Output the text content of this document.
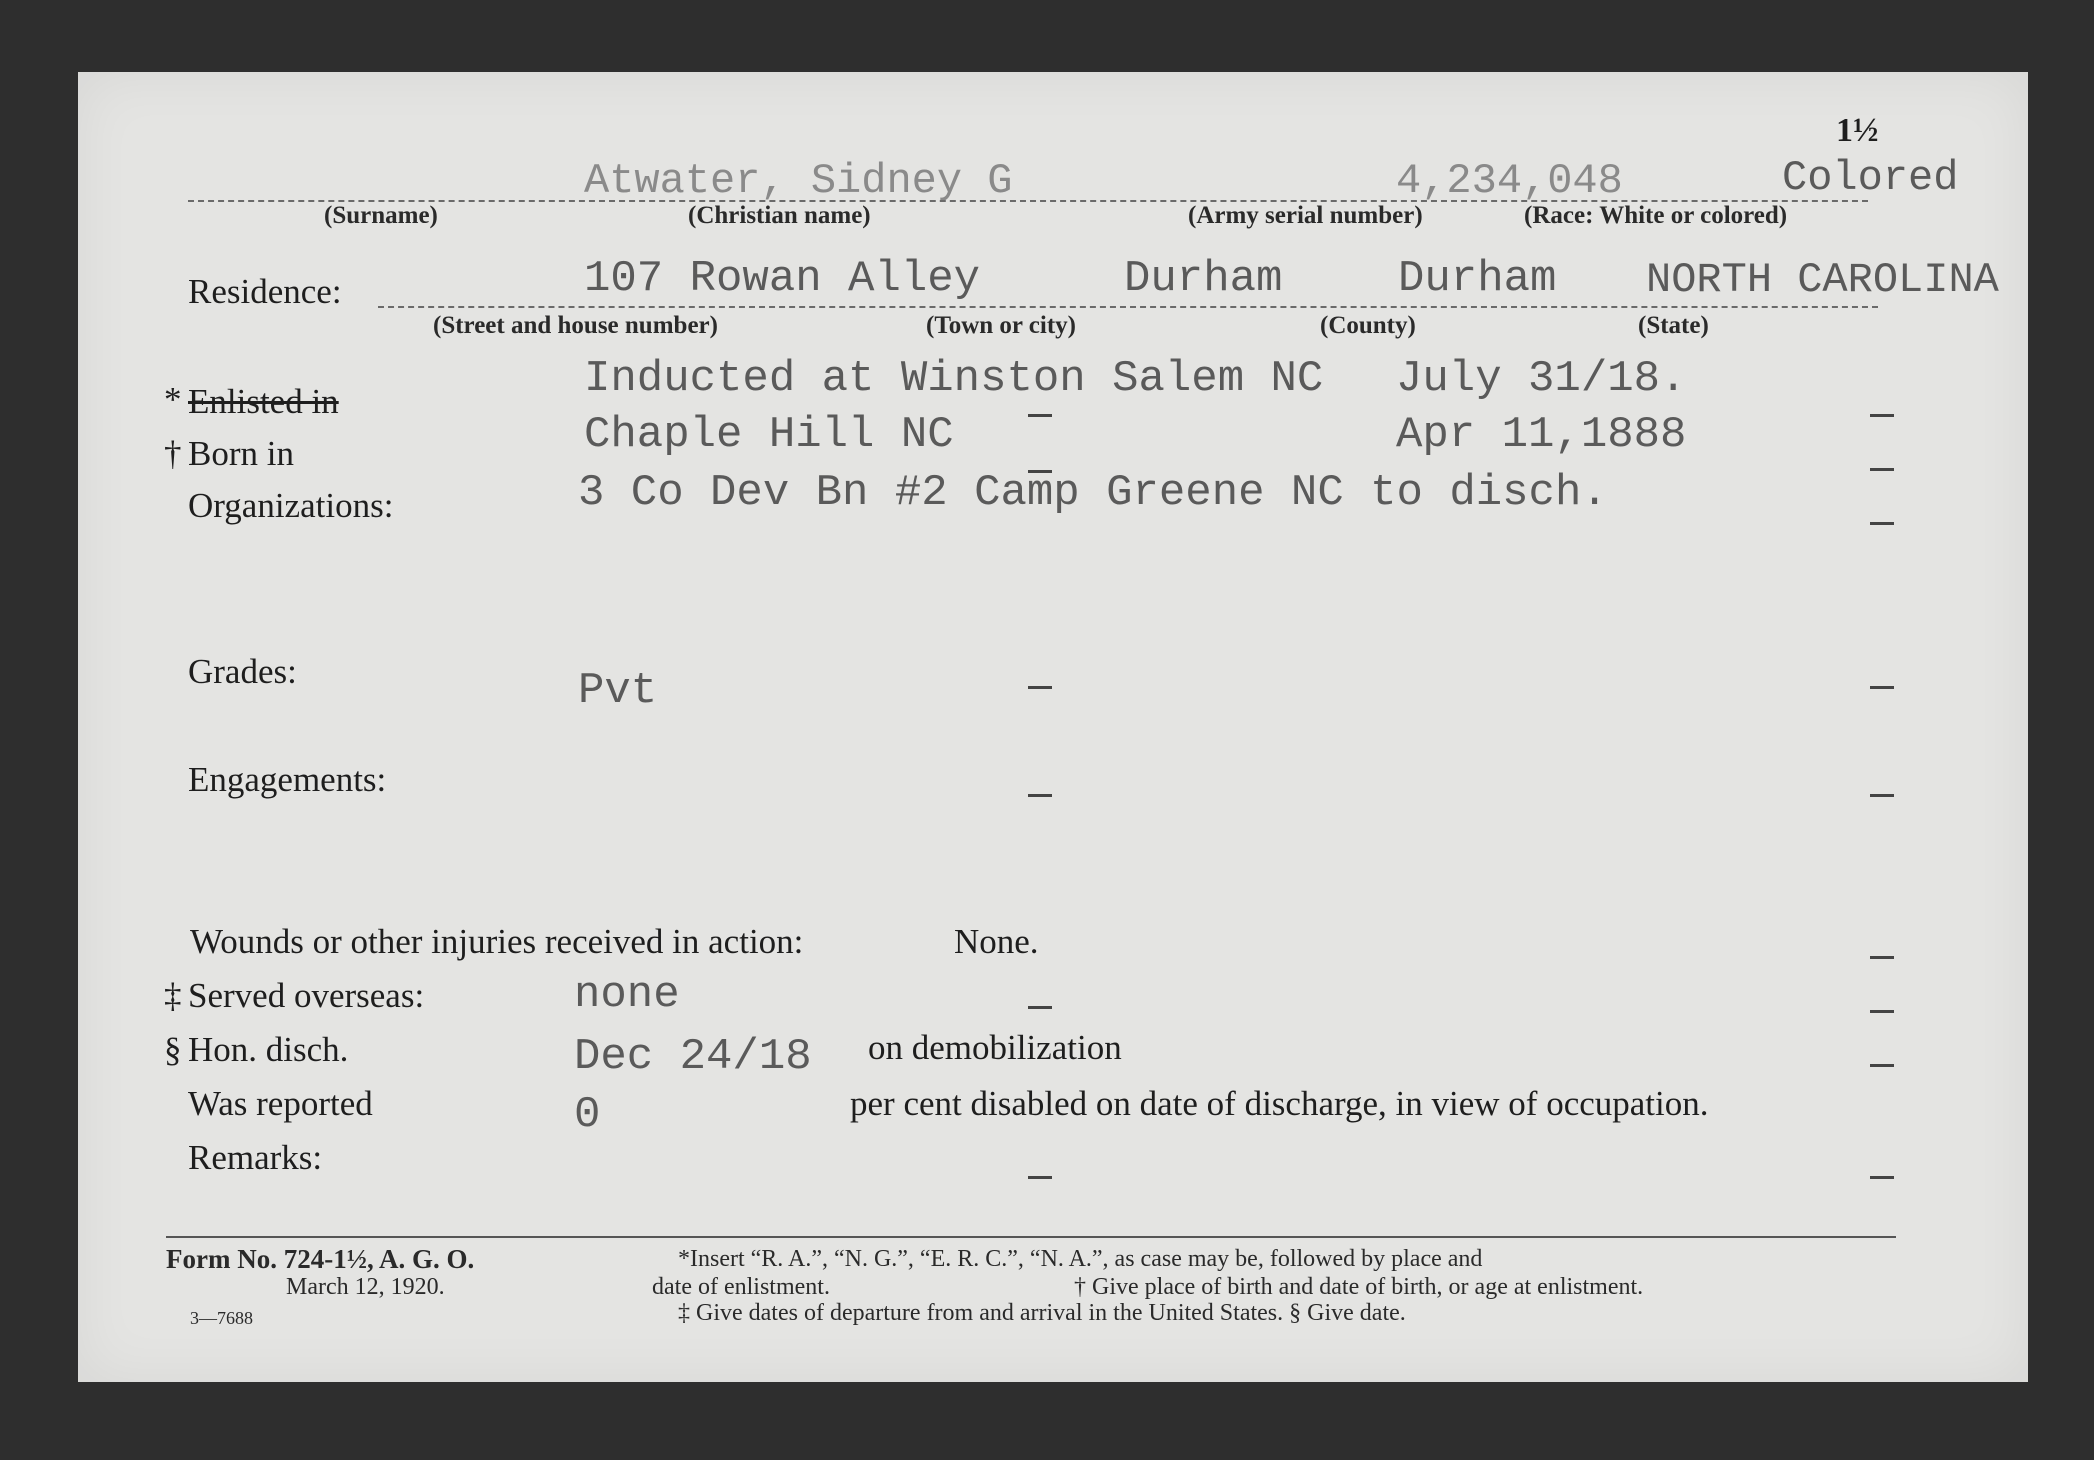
1½
Atwater, Sidney G	4,234,048	Colored
(Surname)	(Christian name)	(Army serial number)	(Race: White or colored)
Residence:	107 Rowan Alley	Durham	Durham NORTH CAROLINA
(Street and house number)	(Town or city)	(County)	(State)
* Enlisted in	Inducted at Winston Salem NC July 31/18.
† Born in	Chaple Hill NC	Apr 11,1888
Organizations:	3 Co Dev Bn #2 Camp Greene NC to disch.
Grades:	Pvt
Engagements:
Wounds or other injuries received in action:	None.
‡ Served overseas:	none
§ Hon. disch.	Dec 24/18 on demobilization
Was reported	0	per cent disabled on date of discharge, in view of occupation.
Remarks:
Form No. 724-1½, A. G. O.
March 12, 1920.
3—7688
*Insert “R. A.”, “N. G.”, “E. R. C.”, “N. A.”, as case may be, followed by place and
date of enlistment.	† Give place of birth and date of birth, or age at enlistment.
‡ Give dates of departure from and arrival in the United States. § Give date.
